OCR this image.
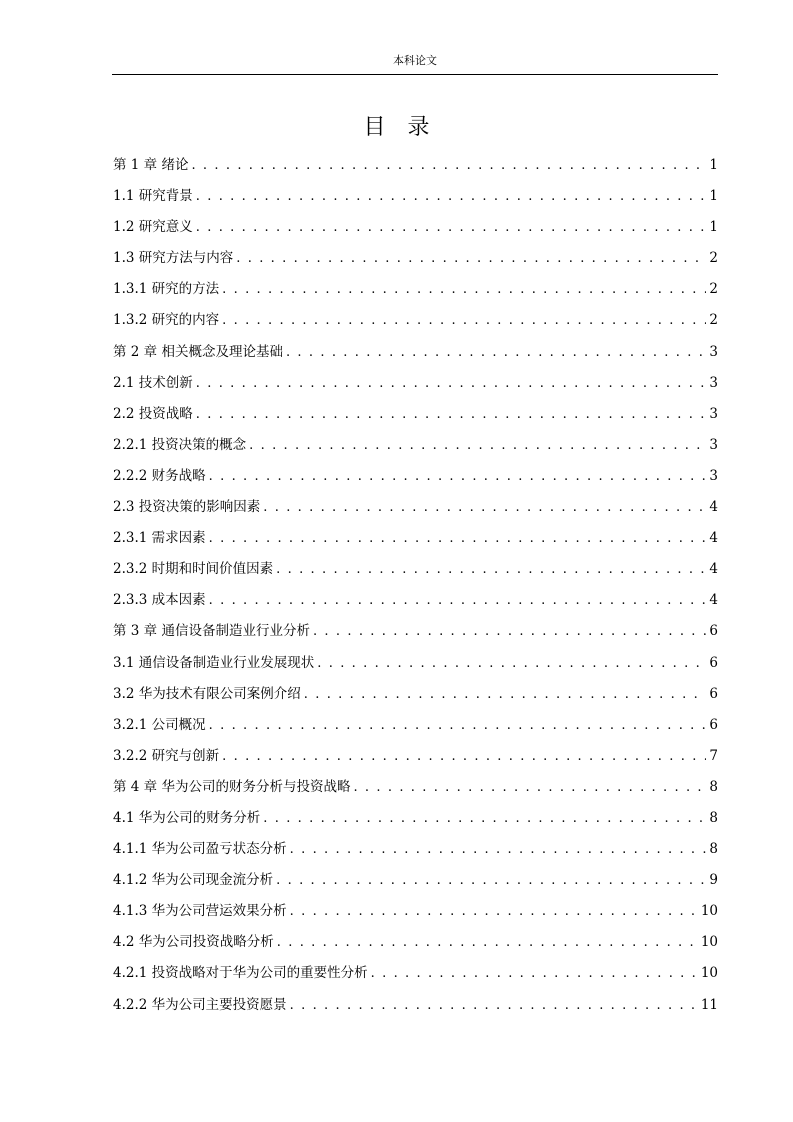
本科论文
目录
第 1 章 绪论 . . .	1
1.1 研究背景 . . .	1
1.2 研究意义 . . .	1
1.3 研究方法与内容 . . .	2
1.3.1 研究的方法 . . .	2
1.3.2 研究的内容 . . .	2
第 2 章 相关概念及理论基础 . . .	3
2.1 技术创新 . . .	3
2.2 投资战略 . . .	3
2.2.1 投资决策的概念 . . .	3
2.2.2 财务战略 . . .	3
2.3 投资决策的影响因素 . . .	4
2.3.1 需求因素 . . .	4
2.3.2 时期和时间价值因素 . . .	4
2.3.3 成本因素 . . .	4
第 3 章 通信设备制造业行业分析 . . .	6
3.1 通信设备制造业行业发展现状 . . .	6
3.2 华为技术有限公司案例介绍 . . .	6
3.2.1 公司概况 . . .	6
3.2.2 研究与创新 . . .	7
第 4 章 华为公司的财务分析与投资战略 . . .	8
4.1 华为公司的财务分析 . . .	8
4.1.1 华为公司盈亏状态分析 . . .	8
4.1.2 华为公司现金流分析 . . .	9
4.1.3 华为公司营运效果分析 . . .	10
4.2 华为公司投资战略分析 . . .	10
4.2.1 投资战略对于华为公司的重要性分析 . . .	10
4.2.2 华为公司主要投资愿景 . . .	11
